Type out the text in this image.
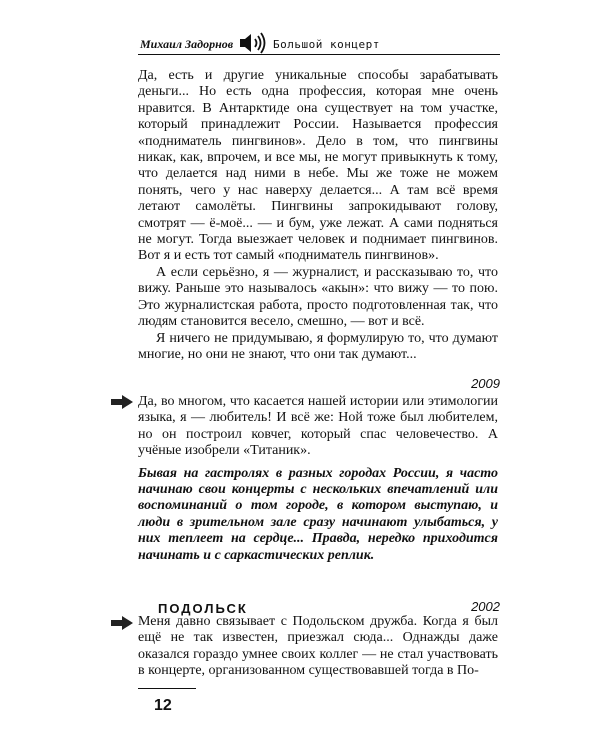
Михаил Задорнов	Большой концерт

Да, есть и другие уникальные способы зарабатывать деньги... Но есть одна профессия, которая мне очень нравится. В Антарктиде она существует на том участке, который принадлежит России. Называется профессия «подниматель пингвинов». Дело в том, что пингвины никак, как, впрочем, и все мы, не могут привыкнуть к тому, что делается над ними в небе. Мы же тоже не можем понять, чего у нас наверху делается... А там всё время летают самолёты. Пингвины запрокидывают голову, смотрят — ё-моё... — и бум, уже лежат. А сами подняться не могут. Тогда выезжает человек и поднимает пингвинов. Вот я и есть тот самый «подниматель пингвинов».

А если серьёзно, я — журналист, и рассказываю то, что вижу. Раньше это называлось «акын»: что вижу — то пою. Это журналистская работа, просто подготовленная так, что людям становится весело, смешно, — вот и всё.

Я ничего не придумываю, я формулирую то, что думают многие, но они не знают, что они так думают...

2009

Да, во многом, что касается нашей истории или этимологии языка, я — любитель! И всё же: Ной тоже был любителем, но он построил ковчег, который спас человечество. А учёные изобрели «Титаник».

Бывая на гастролях в разных городах России, я часто начинаю свои концерты с нескольких впечатлений или воспоминаний о том городе, в котором выступаю, и люди в зрительном зале сразу начинают улыбаться, у них теплеет на сердце... Правда, нередко приходится начинать и с саркастических реплик.

ПОДОЛЬСК	2002

Меня давно связывает с Подольском дружба. Когда я был ещё не так известен, приезжал сюда... Однажды даже оказался гораздо умнее своих коллег — не стал участвовать в концерте, организованном существовавшей тогда в По-

12
